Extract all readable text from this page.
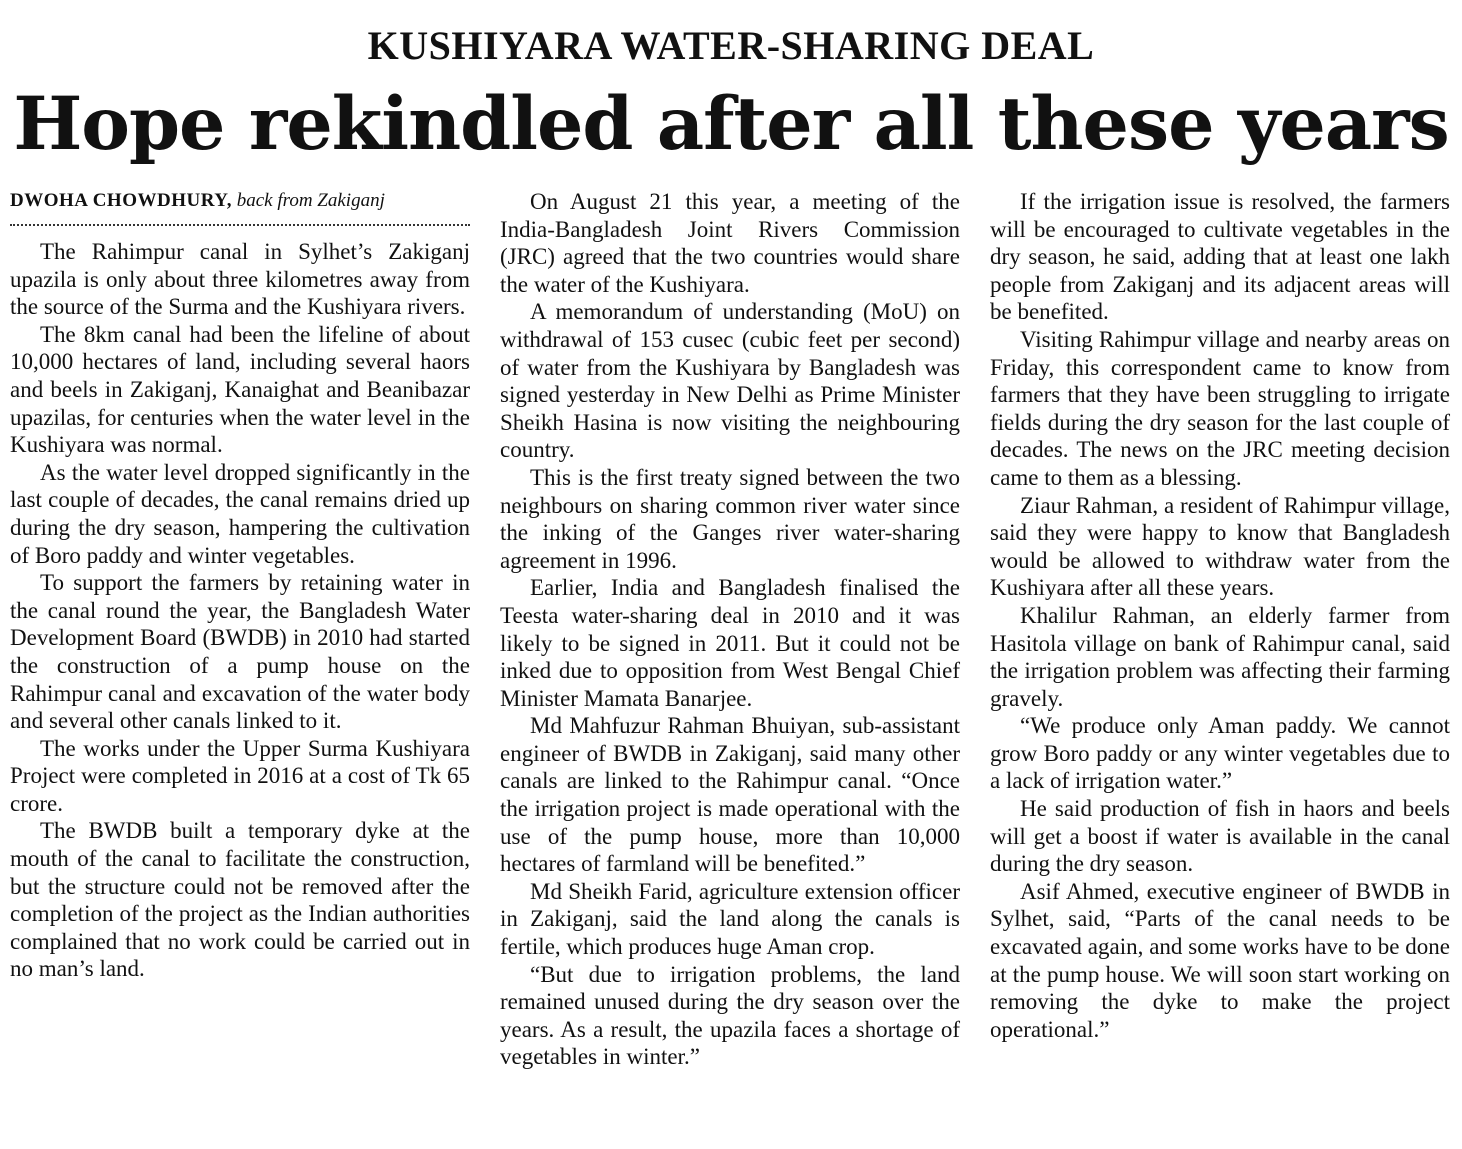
KUSHIYARA WATER-SHARING DEAL
Hope rekindled after all these years
DWOHA CHOWDHURY, back from Zakiganj

The Rahimpur canal in Sylhet’s Zakiganj upazila is only about three kilometres away from the source of the Surma and the Kushiyara rivers.

The 8km canal had been the lifeline of about 10,000 hectares of land, including several haors and beels in Zakiganj, Kanaighat and Beanibazar upazilas, for centuries when the water level in the Kushiyara was normal.

As the water level dropped significantly in the last couple of decades, the canal remains dried up during the dry season, hampering the cultivation of Boro paddy and winter vegetables.

To support the farmers by retaining water in the canal round the year, the Bangladesh Water Development Board (BWDB) in 2010 had started the construction of a pump house on the Rahimpur canal and excavation of the water body and several other canals linked to it.

The works under the Upper Surma Kushiyara Project were completed in 2016 at a cost of Tk 65 crore.

The BWDB built a temporary dyke at the mouth of the canal to facilitate the construction, but the structure could not be removed after the completion of the project as the Indian authorities complained that no work could be carried out in no man’s land.

On August 21 this year, a meeting of the India-Bangladesh Joint Rivers Commission (JRC) agreed that the two countries would share the water of the Kushiyara.

A memorandum of understanding (MoU) on withdrawal of 153 cusec (cubic feet per second) of water from the Kushiyara by Bangladesh was signed yesterday in New Delhi as Prime Minister Sheikh Hasina is now visiting the neighbouring country.

This is the first treaty signed between the two neighbours on sharing common river water since the inking of the Ganges river water-sharing agreement in 1996.

Earlier, India and Bangladesh finalised the Teesta water-sharing deal in 2010 and it was likely to be signed in 2011. But it could not be inked due to opposition from West Bengal Chief Minister Mamata Banarjee.

Md Mahfuzur Rahman Bhuiyan, sub-assistant engineer of BWDB in Zakiganj, said many other canals are linked to the Rahimpur canal. “Once the irrigation project is made operational with the use of the pump house, more than 10,000 hectares of farmland will be benefited.”

Md Sheikh Farid, agriculture extension officer in Zakiganj, said the land along the canals is fertile, which produces huge Aman crop.

“But due to irrigation problems, the land remained unused during the dry season over the years. As a result, the upazila faces a shortage of vegetables in winter.”

If the irrigation issue is resolved, the farmers will be encouraged to cultivate vegetables in the dry season, he said, adding that at least one lakh people from Zakiganj and its adjacent areas will be benefited.

Visiting Rahimpur village and nearby areas on Friday, this correspondent came to know from farmers that they have been struggling to irrigate fields during the dry season for the last couple of decades. The news on the JRC meeting decision came to them as a blessing.

Ziaur Rahman, a resident of Rahimpur village, said they were happy to know that Bangladesh would be allowed to withdraw water from the Kushiyara after all these years.

Khalilur Rahman, an elderly farmer from Hasitola village on bank of Rahimpur canal, said the irrigation problem was affecting their farming gravely.

“We produce only Aman paddy. We cannot grow Boro paddy or any winter vegetables due to a lack of irrigation water.”

He said production of fish in haors and beels will get a boost if water is available in the canal during the dry season.

Asif Ahmed, executive engineer of BWDB in Sylhet, said, “Parts of the canal needs to be excavated again, and some works have to be done at the pump house. We will soon start working on removing the dyke to make the project operational.”
